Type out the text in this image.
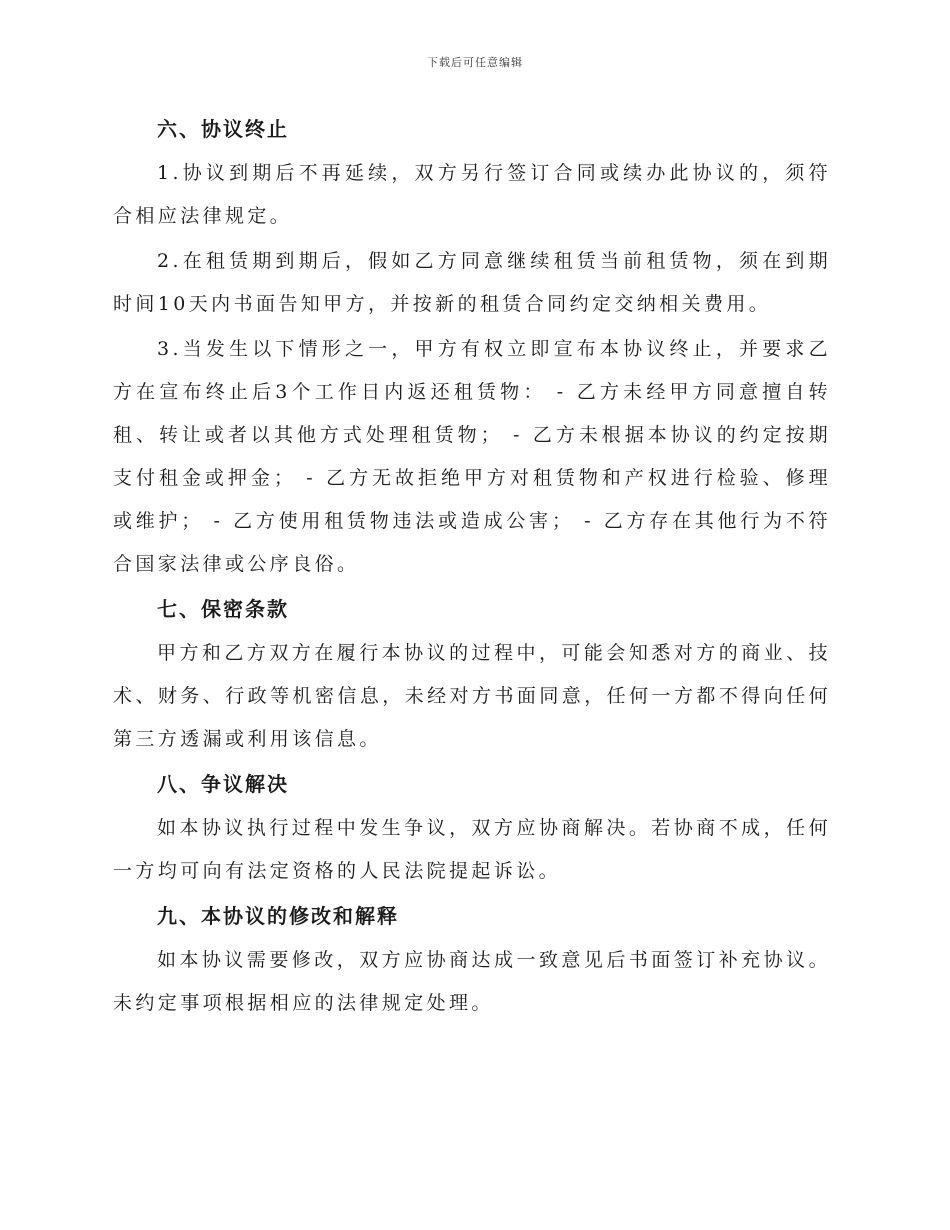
下载后可任意编辑
六、协议终止

1.协议到期后不再延续，双方另行签订合同或续办此协议的，须符合相应法律规定。

2.在租赁期到期后，假如乙方同意继续租赁当前租赁物，须在到期时间10天内书面告知甲方，并按新的租赁合同约定交纳相关费用。

3.当发生以下情形之一，甲方有权立即宣布本协议终止，并要求乙方在宣布终止后3个工作日内返还租赁物： - 乙方未经甲方同意擅自转租、转让或者以其他方式处理租赁物； - 乙方未根据本协议的约定按期支付租金或押金； - 乙方无故拒绝甲方对租赁物和产权进行检验、修理或维护； - 乙方使用租赁物违法或造成公害； - 乙方存在其他行为不符合国家法律或公序良俗。

七、保密条款

甲方和乙方双方在履行本协议的过程中，可能会知悉对方的商业、技术、财务、行政等机密信息，未经对方书面同意，任何一方都不得向任何第三方透漏或利用该信息。

八、争议解决

如本协议执行过程中发生争议，双方应协商解决。若协商不成，任何一方均可向有法定资格的人民法院提起诉讼。

九、本协议的修改和解释

如本协议需要修改，双方应协商达成一致意见后书面签订补充协议。未约定事项根据相应的法律规定处理。
